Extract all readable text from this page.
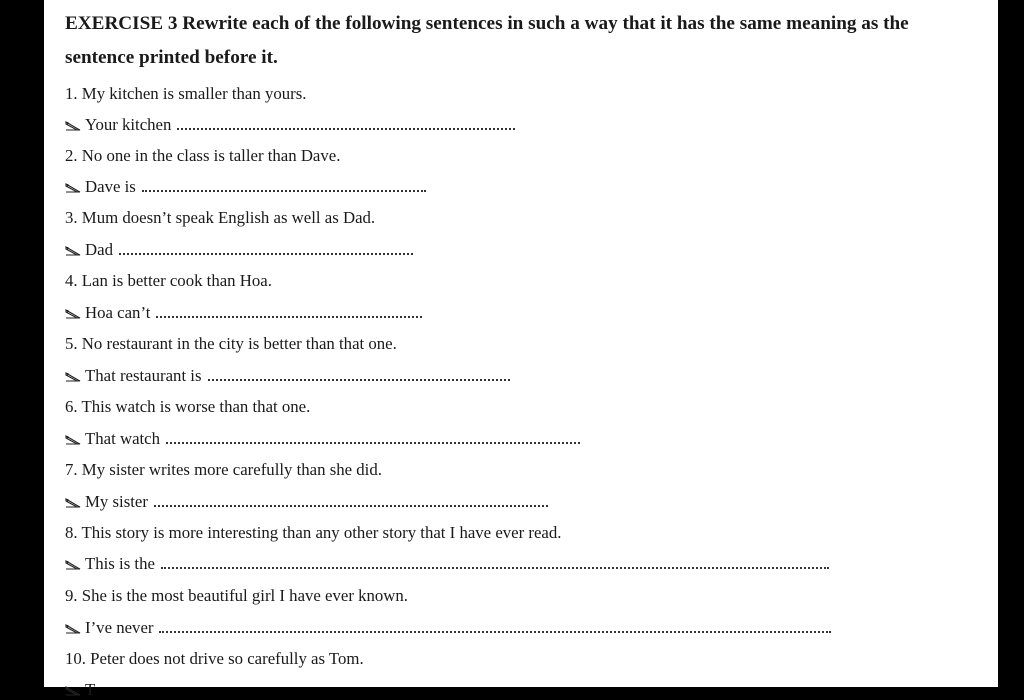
EXERCISE 3 Rewrite each of the following sentences in such a way that it has the same meaning as the
sentence printed before it.
1. My kitchen is smaller than yours.
Your kitchen
2. No one in the class is taller than Dave.
Dave is
3. Mum doesn’t speak English as well as Dad.
Dad
4. Lan is better cook than Hoa.
Hoa can’t
5. No restaurant in the city is better than that one.
That restaurant is
6. This watch is worse than that one.
That watch
7. My sister writes more carefully than she did.
My sister
8. This story is more interesting than any other story that I have ever read.
This is the
9. She is the most beautiful girl I have ever known.
I’ve never
10. Peter does not drive so carefully as Tom.
T
